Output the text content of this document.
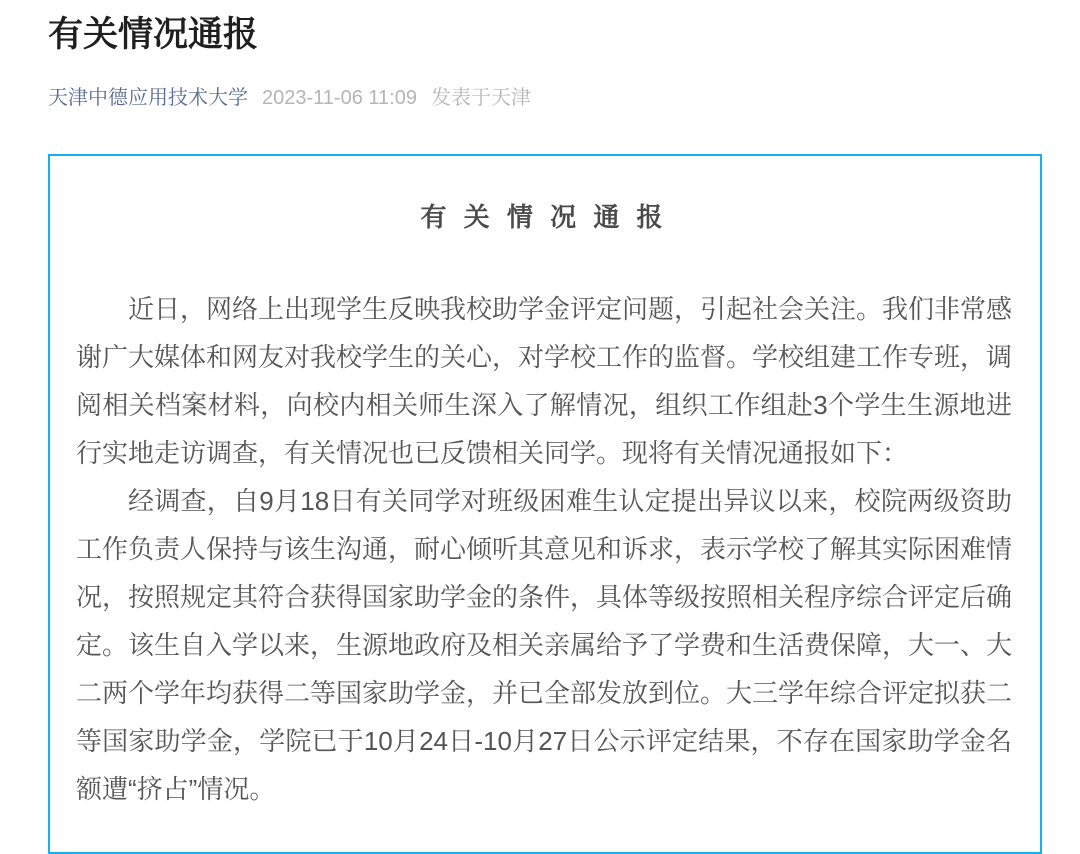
有关情况通报
天津中德应用技术大学 2023-11-06 11:09 发表于天津
有 关 情 况 通 报

近日，网络上出现学生反映我校助学金评定问题，引起社会关注。我们非常感谢广大媒体和网友对我校学生的关心，对学校工作的监督。学校组建工作专班，调阅相关档案材料，向校内相关师生深入了解情况，组织工作组赴3个学生生源地进行实地走访调查，有关情况也已反馈相关同学。现将有关情况通报如下：

经调查，自9月18日有关同学对班级困难生认定提出异议以来，校院两级资助工作负责人保持与该生沟通，耐心倾听其意见和诉求，表示学校了解其实际困难情况，按照规定其符合获得国家助学金的条件，具体等级按照相关程序综合评定后确定。该生自入学以来，生源地政府及相关亲属给予了学费和生活费保障，大一、大二两个学年均获得二等国家助学金，并已全部发放到位。大三学年综合评定拟获二等国家助学金，学院已于10月24日-10月27日公示评定结果，不存在国家助学金名额遭“挤占”情况。
